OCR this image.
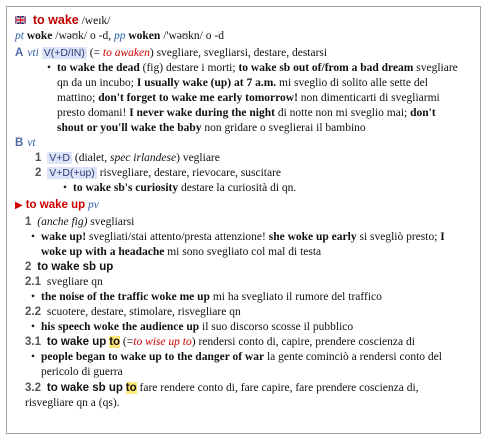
to wake /weɪk/
pt woke /wəʊk/ o -d, pp woken /'wəʊkn/ o -d
A vti V(+D/IN) (= to awaken) svegliare, svegliarsi, destare, destarsi
• to wake the dead (fig) destare i morti; to wake sb out of/from a bad dream svegliare qn da un incubo; I usually wake (up) at 7 a.m. mi sveglio di solito alle sette del mattino; don't forget to wake me early tomorrow! non dimenticarti di svegliarmi presto domani! I never wake during the night di notte non mi sveglio mai; don't shout or you'll wake the baby non gridare o sveglierai il bambino
B vt
1 V+D (dialet, spec irlandese) vegliare
2 V+D(+up) risvegliare, destare, rievocare, suscitare
• to wake sb's curiosity destare la curiosità di qn.
▶ to wake up pv
1 (anche fig) svegliarsi
• wake up! svegliati/stai attento/presta attenzione! she woke up early si svegliò presto; I woke up with a headache mi sono svegliato col mal di testa
2 to wake sb up
2.1 svegliare qn
• the noise of the traffic woke me up mi ha svegliato il rumore del traffico
2.2 scuotere, destare, stimolare, risvegliare qn
• his speech woke the audience up il suo discorso scosse il pubblico
3.1 to wake up to (=to wise up to) rendersi conto di, capire, prendere coscienza di
• people began to wake up to the danger of war la gente cominciò a rendersi conto del pericolo di guerra
3.2 to wake sb up to fare rendere conto di, fare capire, fare prendere coscienza di, risvegliare qn a (qs).
